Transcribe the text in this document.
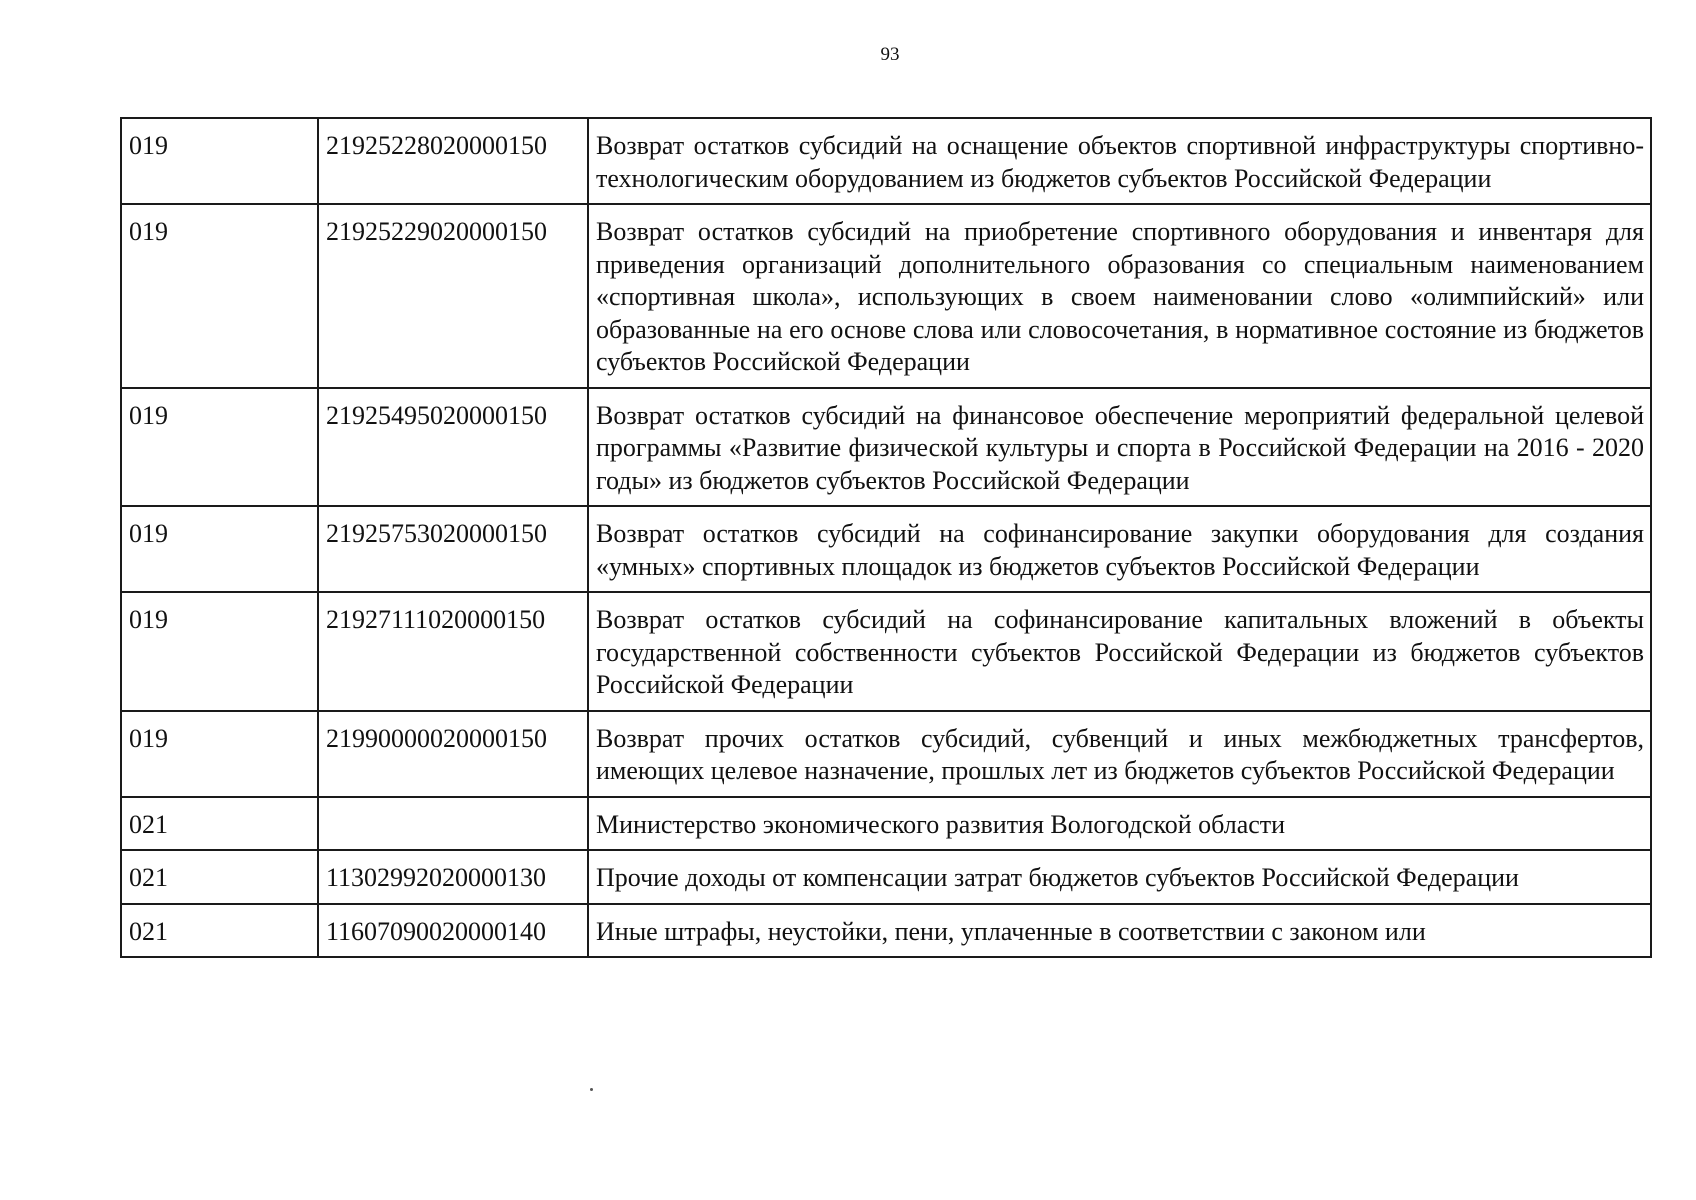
93
019	21925228020000150	Возврат остатков субсидий на оснащение объектов спортивной инфраструктуры спортивно-технологическим оборудованием из бюджетов субъектов Российской Федерации
019	21925229020000150	Возврат остатков субсидий на приобретение спортивного оборудования и инвентаря для приведения организаций дополнительного образования со специальным наименованием «спортивная школа», использующих в своем наименовании слово «олимпийский» или образованные на его основе слова или словосочетания, в нормативное состояние из бюджетов субъектов Российской Федерации
019	21925495020000150	Возврат остатков субсидий на финансовое обеспечение мероприятий федеральной целевой программы «Развитие физической культуры и спорта в Российской Федерации на 2016 - 2020 годы» из бюджетов субъектов Российской Федерации
019	21925753020000150	Возврат остатков субсидий на софинансирование закупки оборудования для создания «умных» спортивных площадок из бюджетов субъектов Российской Федерации
019	21927111020000150	Возврат остатков субсидий на софинансирование капитальных вложений в объекты государственной собственности субъектов Российской Федерации из бюджетов субъектов Российской Федерации
019	21990000020000150	Возврат прочих остатков субсидий, субвенций и иных межбюджетных трансфертов, имеющих целевое назначение, прошлых лет из бюджетов субъектов Российской Федерации
021		Министерство экономического развития Вологодской области
021	11302992020000130	Прочие доходы от компенсации затрат бюджетов субъектов Российской Федерации
021	11607090020000140	Иные штрафы, неустойки, пени, уплаченные в соответствии с законом или
